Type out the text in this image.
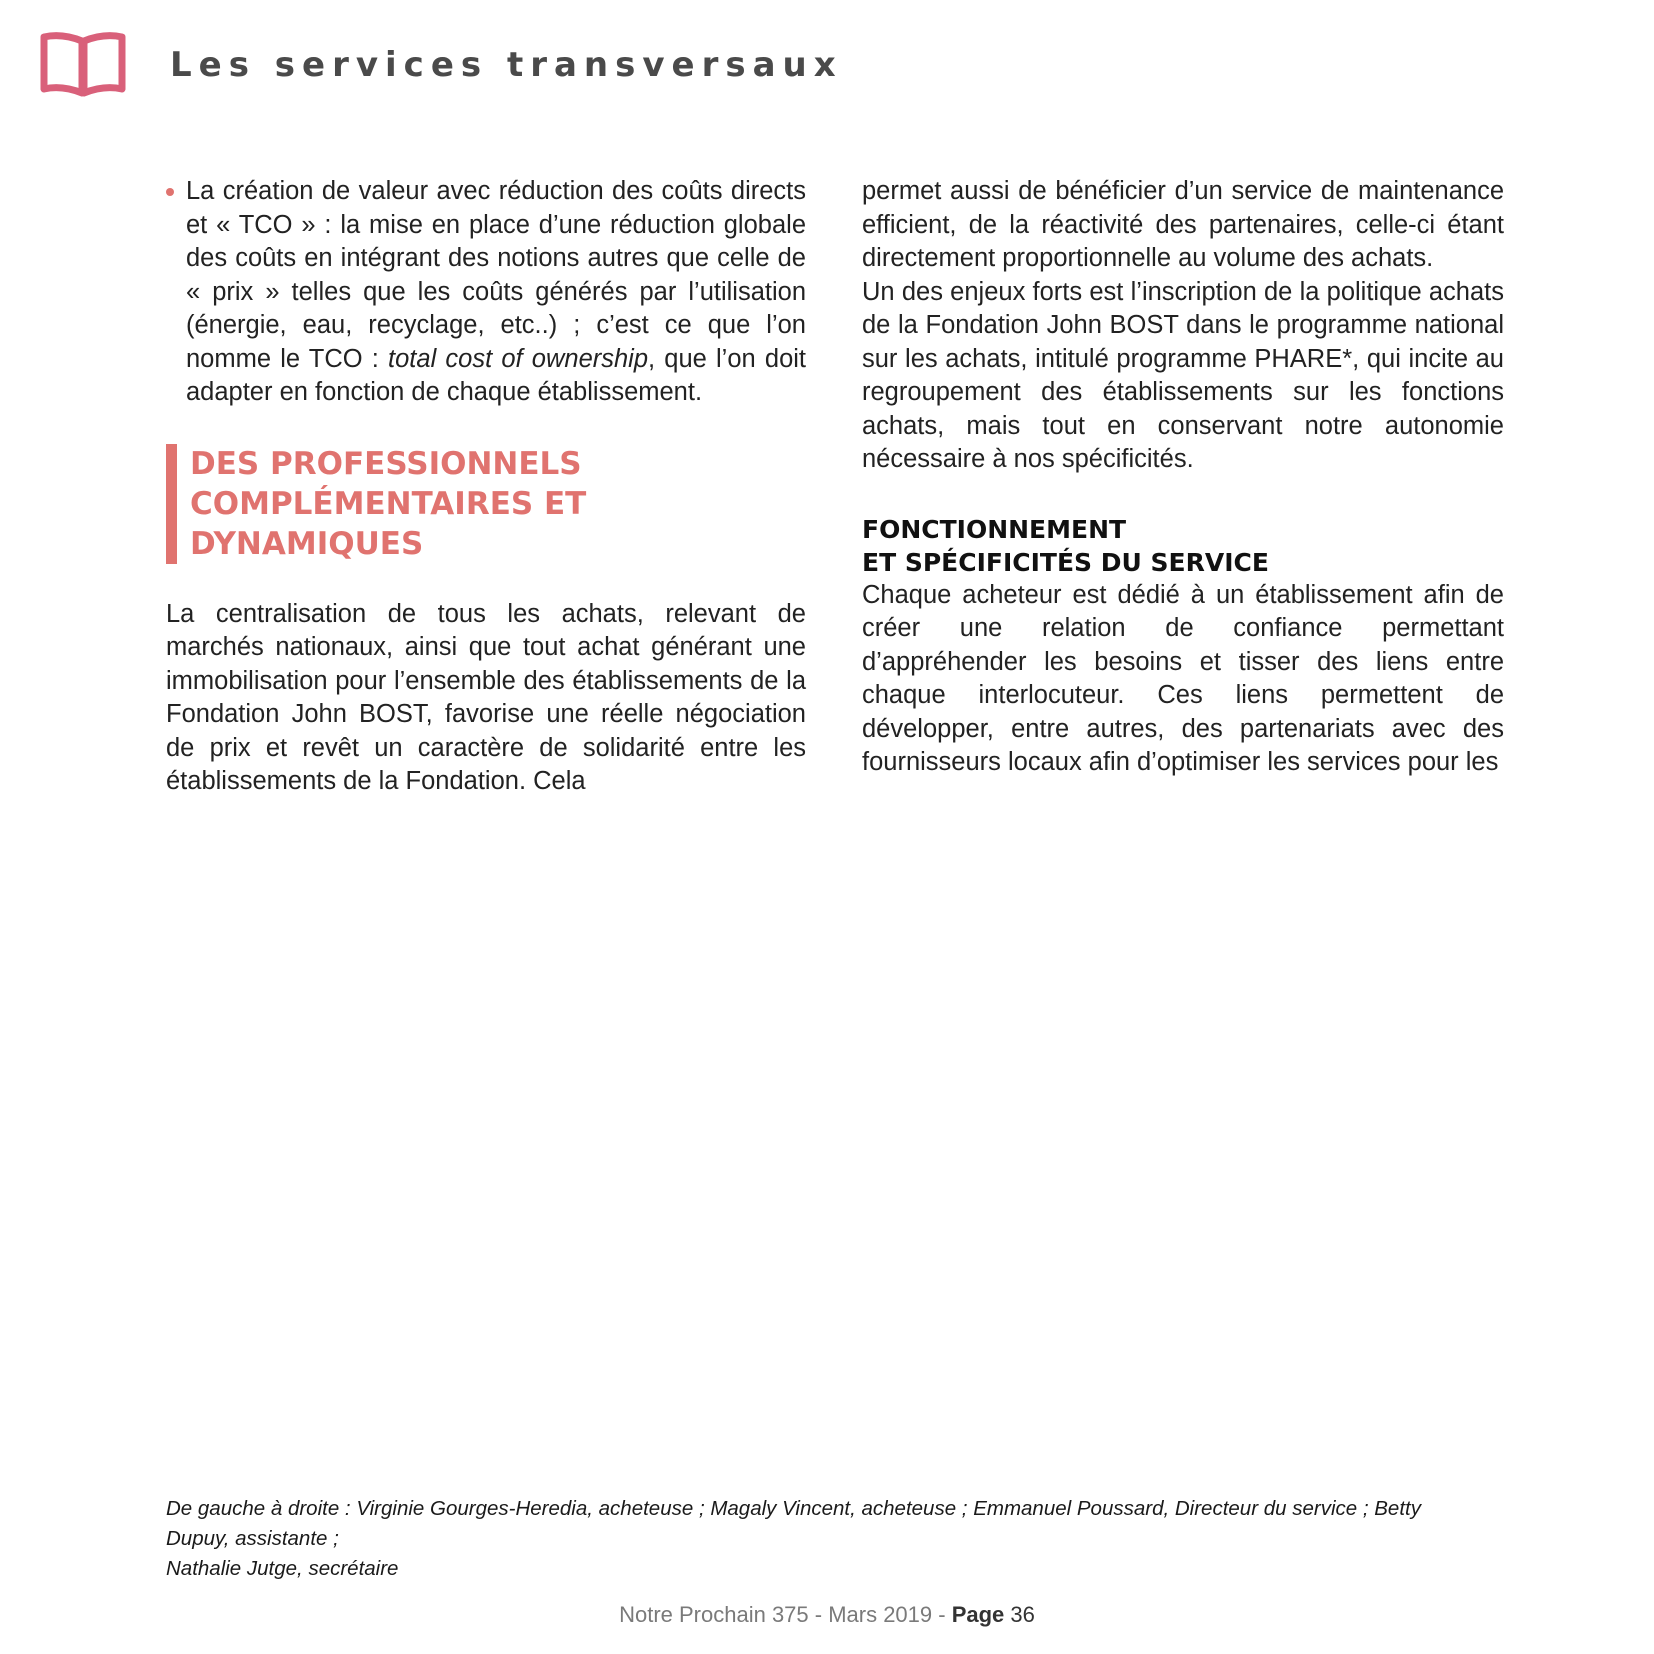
Les services transversaux
La création de valeur avec réduction des coûts directs et « TCO » : la mise en place d’une réduction globale des coûts en intégrant des notions autres que celle de « prix » telles que les coûts générés par l’utilisation (énergie, eau, recyclage, etc..) ; c’est ce que l’on nomme le TCO : total cost of ownership, que l’on doit adapter en fonction de chaque établissement.
DES PROFESSIONNELS
COMPLÉMENTAIRES ET DYNAMIQUES
La centralisation de tous les achats, relevant de marchés nationaux, ainsi que tout achat générant une immobilisation pour l’ensemble des établissements de la Fondation John BOST, favorise une réelle négociation de prix et revêt un caractère de solidarité entre les établissements de la Fondation. Cela
permet aussi de bénéficier d’un service de maintenance efficient, de la réactivité des partenaires, celle-ci étant directement proportionnelle au volume des achats.
Un des enjeux forts est l’inscription de la politique achats de la Fondation John BOST dans le programme national sur les achats, intitulé programme PHARE*, qui incite au regroupement des établissements sur les fonctions achats, mais tout en conservant notre autonomie nécessaire à nos spécificités.
FONCTIONNEMENT
ET SPÉCIFICITÉS DU SERVICE
Chaque acheteur est dédié à un établissement afin de créer une relation de confiance permettant d’appréhender les besoins et tisser des liens entre chaque interlocuteur. Ces liens permettent de développer, entre autres, des partenariats avec des fournisseurs locaux afin d’optimiser les services pour les
De gauche à droite : Virginie Gourges-Heredia, acheteuse ; Magaly Vincent, acheteuse ; Emmanuel Poussard, Directeur du service ; Betty Dupuy, assistante ;
Nathalie Jutge, secrétaire
Notre Prochain 375 - Mars 2019 - Page 36
